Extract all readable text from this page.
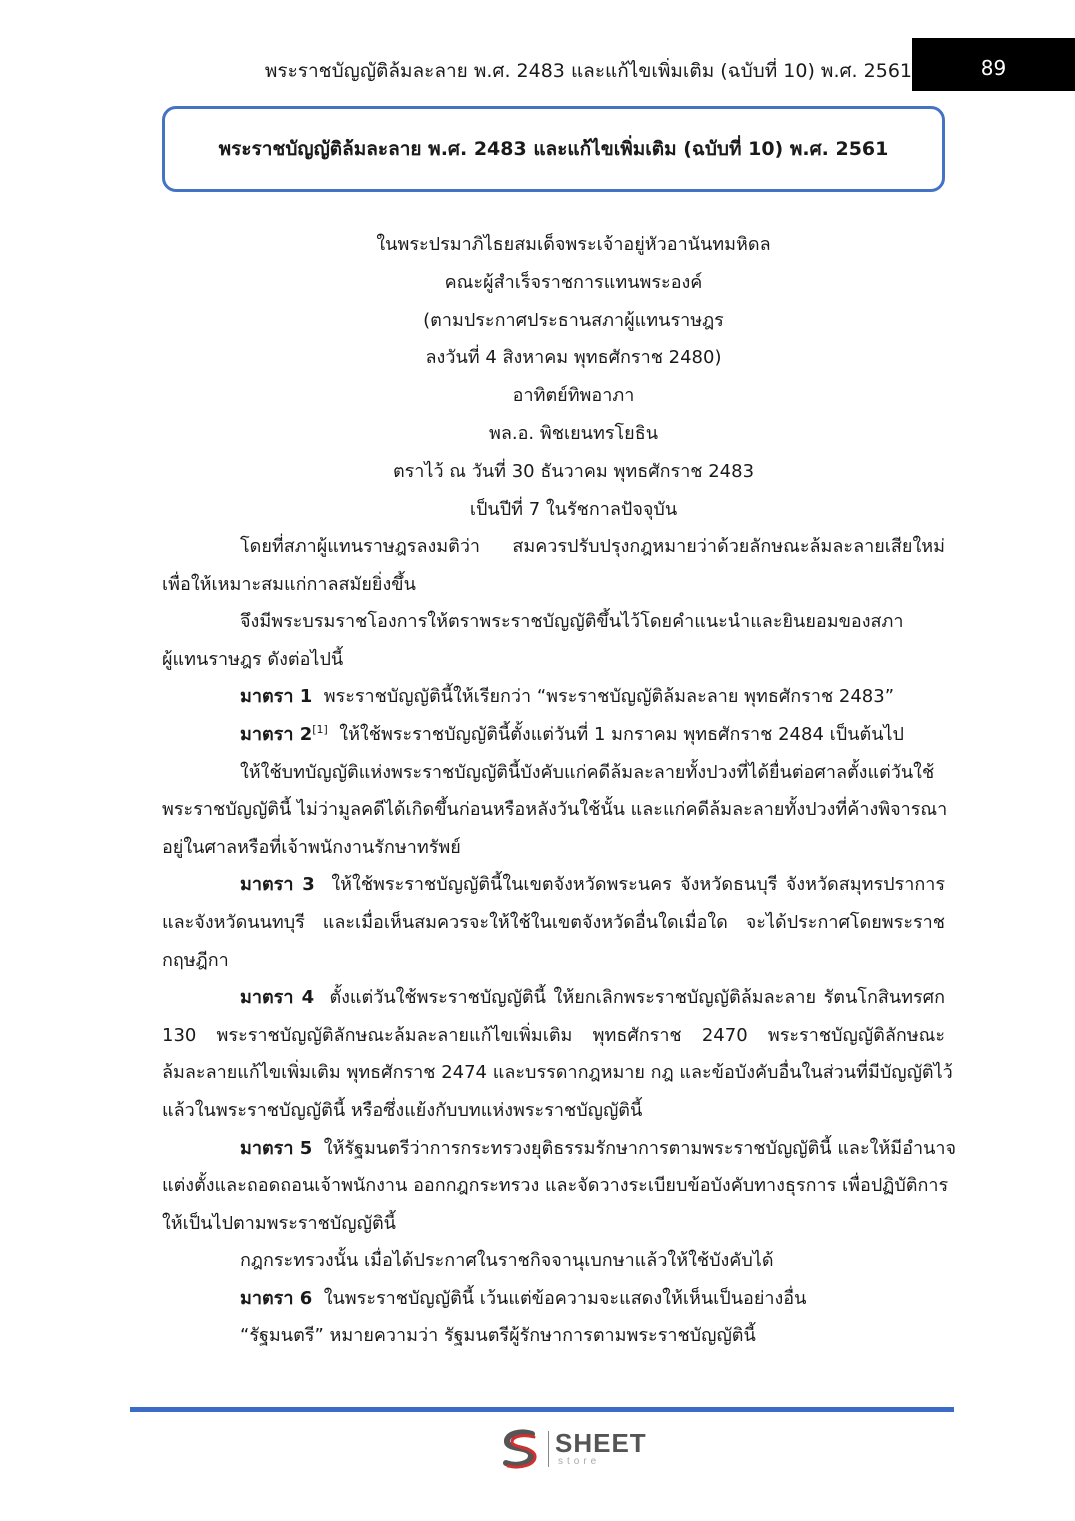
พระราชบัญญัติล้มละลาย พ.ศ. 2483 และแก้ไขเพิ่มเติม (ฉบับที่ 10) พ.ศ. 2561	89
พระราชบัญญัติล้มละลาย พ.ศ. 2483 และแก้ไขเพิ่มเติม (ฉบับที่ 10) พ.ศ. 2561
ในพระปรมาภิไธยสมเด็จพระเจ้าอยู่หัวอานันทมหิดล
คณะผู้สำเร็จราชการแทนพระองค์
(ตามประกาศประธานสภาผู้แทนราษฎร
ลงวันที่ 4 สิงหาคม พุทธศักราช 2480)
อาทิตย์ทิพอาภา
พล.อ. พิชเยนทรโยธิน
ตราไว้ ณ วันที่ 30 ธันวาคม พุทธศักราช 2483
เป็นปีที่ 7 ในรัชกาลปัจจุบัน
โดยที่สภาผู้แทนราษฎรลงมติว่า สมควรปรับปรุงกฎหมายว่าด้วยลักษณะล้มละลายเสียใหม่
เพื่อให้เหมาะสมแก่กาลสมัยยิ่งขึ้น
จึงมีพระบรมราชโองการให้ตราพระราชบัญญัติขึ้นไว้โดยคำแนะนำและยินยอมของสภา
ผู้แทนราษฎร ดังต่อไปนี้
มาตรา 1 พระราชบัญญัตินี้ให้เรียกว่า “พระราชบัญญัติล้มละลาย พุทธศักราช 2483”
มาตรา 2[1] ให้ใช้พระราชบัญญัตินี้ตั้งแต่วันที่ 1 มกราคม พุทธศักราช 2484 เป็นต้นไป
ให้ใช้บทบัญญัติแห่งพระราชบัญญัตินี้บังคับแก่คดีล้มละลายทั้งปวงที่ได้ยื่นต่อศาลตั้งแต่วันใช้
พระราชบัญญัตินี้ ไม่ว่ามูลคดีได้เกิดขึ้นก่อนหรือหลังวันใช้นั้น และแก่คดีล้มละลายทั้งปวงที่ค้างพิจารณา
อยู่ในศาลหรือที่เจ้าพนักงานรักษาทรัพย์
มาตรา 3 ให้ใช้พระราชบัญญัตินี้ในเขตจังหวัดพระนคร จังหวัดธนบุรี จังหวัดสมุทรปราการ
และจังหวัดนนทบุรี และเมื่อเห็นสมควรจะให้ใช้ในเขตจังหวัดอื่นใดเมื่อใด จะได้ประกาศโดยพระราช
กฤษฎีกา
มาตรา 4 ตั้งแต่วันใช้พระราชบัญญัตินี้ ให้ยกเลิกพระราชบัญญัติล้มละลาย รัตนโกสินทรศก
130 พระราชบัญญัติลักษณะล้มละลายแก้ไขเพิ่มเติม พุทธศักราช 2470 พระราชบัญญัติลักษณะ
ล้มละลายแก้ไขเพิ่มเติม พุทธศักราช 2474 และบรรดากฎหมาย กฎ และข้อบังคับอื่นในส่วนที่มีบัญญัติไว้
แล้วในพระราชบัญญัตินี้ หรือซึ่งแย้งกับบทแห่งพระราชบัญญัตินี้
มาตรา 5 ให้รัฐมนตรีว่าการกระทรวงยุติธรรมรักษาการตามพระราชบัญญัตินี้ และให้มีอำนาจ
แต่งตั้งและถอดถอนเจ้าพนักงาน ออกกฎกระทรวง และจัดวางระเบียบข้อบังคับทางธุรการ เพื่อปฏิบัติการ
ให้เป็นไปตามพระราชบัญญัตินี้
กฎกระทรวงนั้น เมื่อได้ประกาศในราชกิจจานุเบกษาแล้วให้ใช้บังคับได้
มาตรา 6 ในพระราชบัญญัตินี้ เว้นแต่ข้อความจะแสดงให้เห็นเป็นอย่างอื่น
“รัฐมนตรี” หมายความว่า รัฐมนตรีผู้รักษาการตามพระราชบัญญัตินี้
SHEET
store
